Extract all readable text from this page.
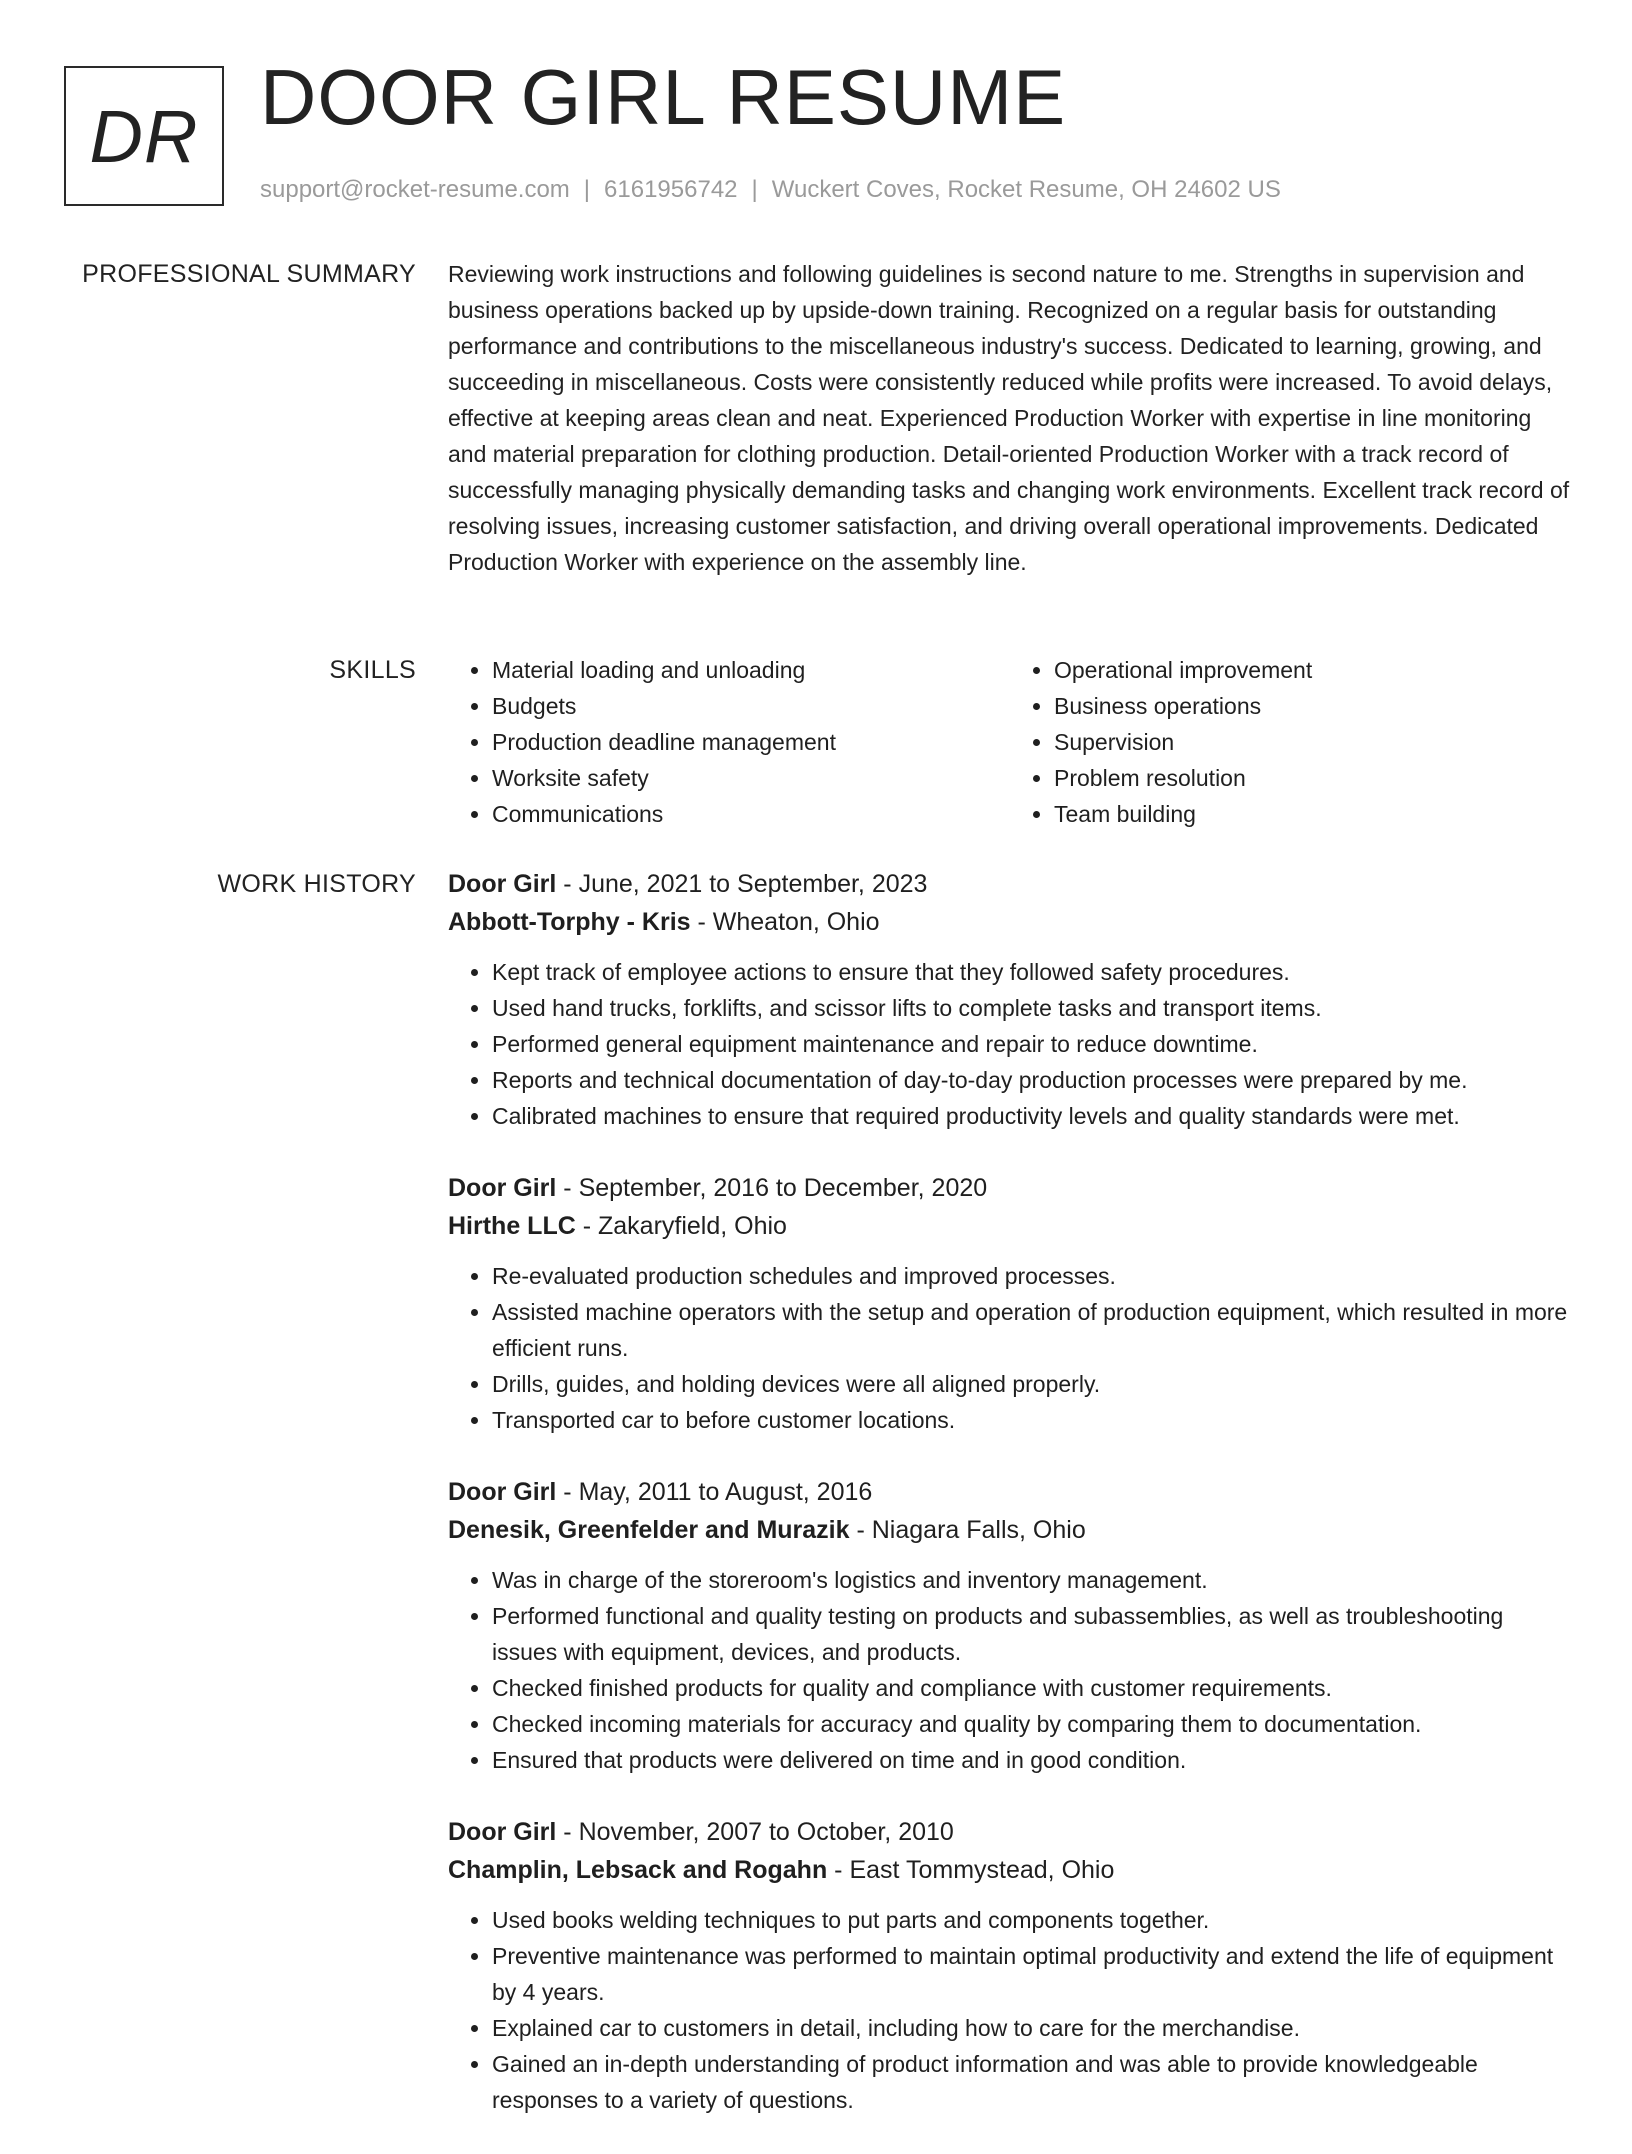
DR DOOR GIRL RESUME
support@rocket-resume.com | 6161956742 | Wuckert Coves, Rocket Resume, OH 24602 US
PROFESSIONAL SUMMARY Reviewing work instructions and following guidelines is second nature to me. Strengths in supervision and business operations backed up by upside-down training. Recognized on a regular basis for outstanding performance and contributions to the miscellaneous industry's success. Dedicated to learning, growing, and succeeding in miscellaneous. Costs were consistently reduced while profits were increased. To avoid delays, effective at keeping areas clean and neat. Experienced Production Worker with expertise in line monitoring and material preparation for clothing production. Detail-oriented Production Worker with a track record of successfully managing physically demanding tasks and changing work environments. Excellent track record of resolving issues, increasing customer satisfaction, and driving overall operational improvements. Dedicated Production Worker with experience on the assembly line.

SKILLS
•	Material loading and unloading
• Budgets
• Production deadline management
• Worksite safety
• Communications
• Operational improvement
• Business operations
• Supervision
• Problem resolution
• Team building
WORK HISTORY Door Girl - June, 2021 to September, 2023

Abbott-Torphy - Kris - Wheaton, Ohio

• Kept track of employee actions to ensure that they followed safety procedures.
• Used hand trucks, forklifts, and scissor lifts to complete tasks and transport items.
• Performed general equipment maintenance and repair to reduce downtime.
• Reports and technical documentation of day-to-day production processes were prepared by me.
• Calibrated machines to ensure that required productivity levels and quality standards were met.

Door Girl - September, 2016 to December, 2020

Hirthe LLC - Zakaryfield, Ohio

• Re-evaluated production schedules and improved processes.
• Assisted machine operators with the setup and operation of production equipment, which resulted in more efficient runs.
• Drills, guides, and holding devices were all aligned properly.
• Transported car to before customer locations.

Door Girl - May, 2011 to August, 2016

Denesik, Greenfelder and Murazik - Niagara Falls, Ohio

• Was in charge of the storeroom's logistics and inventory management.
• Performed functional and quality testing on products and subassemblies, as well as troubleshooting issues with equipment, devices, and products.
• Checked finished products for quality and compliance with customer requirements.
• Checked incoming materials for accuracy and quality by comparing them to documentation.
• Ensured that products were delivered on time and in good condition.

Door Girl - November, 2007 to October, 2010

Champlin, Lebsack and Rogahn - East Tommystead, Ohio

• Used books welding techniques to put parts and components together.
• Preventive maintenance was performed to maintain optimal productivity and extend the life of equipment by 4 years.
• Explained car to customers in detail, including how to care for the merchandise.
• Gained an in-depth understanding of product information and was able to provide knowledgeable responses to a variety of questions.
